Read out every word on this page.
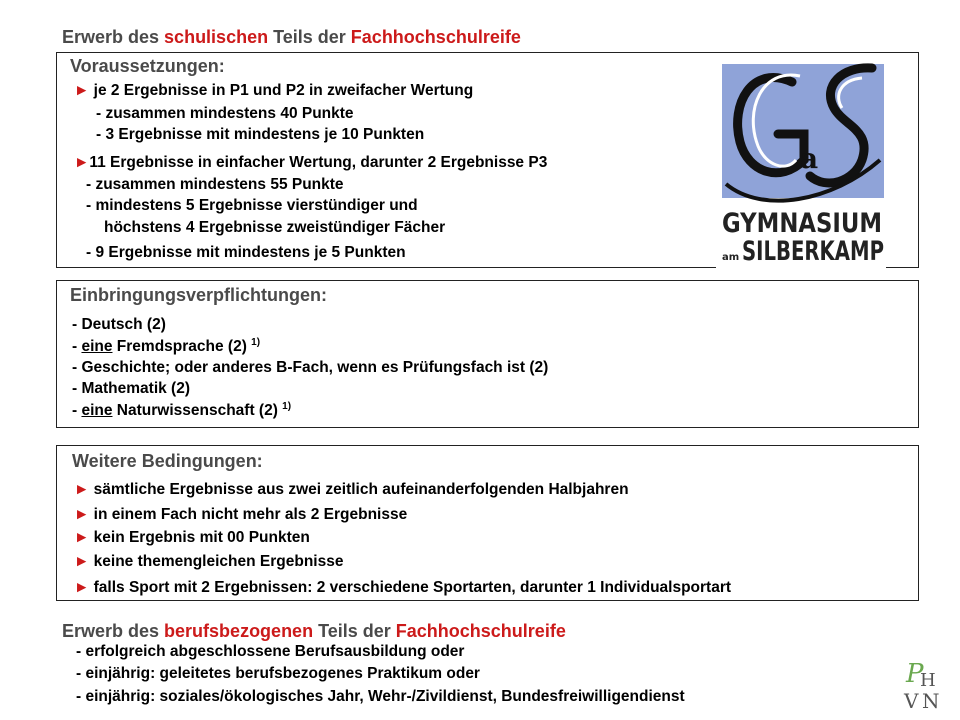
Erwerb des schulischen Teils der Fachhochschulreife
Voraussetzungen:
► je 2 Ergebnisse in P1 und P2 in zweifacher Wertung
- zusammen mindestens 40 Punkte
- 3 Ergebnisse mit mindestens je 10 Punkten
►11 Ergebnisse in einfacher Wertung, darunter 2 Ergebnisse P3
- zusammen mindestens 55 Punkte
- mindestens 5 Ergebnisse vierstündiger und
höchstens 4 Ergebnisse zweistündiger Fächer
- 9 Ergebnisse mit mindestens je 5 Punkten
a
GYMNASIUM
am SILBERKAMP
Einbringungsverpflichtungen:
- Deutsch (2)
- eine Fremdsprache (2) $^{1)}$
- Geschichte; oder anderes B-Fach, wenn es Prüfungsfach ist (2)
- Mathematik (2)
- eine Naturwissenschaft (2) $^{1)}$
Weitere Bedingungen:
► sämtliche Ergebnisse aus zwei zeitlich aufeinanderfolgenden Halbjahren
► in einem Fach nicht mehr als 2 Ergebnisse
► kein Ergebnis mit 00 Punkten
► keine themengleichen Ergebnisse
► falls Sport mit 2 Ergebnissen: 2 verschiedene Sportarten, darunter 1 Individualsportart
Erwerb des berufsbezogenen Teils der Fachhochschulreife
- erfolgreich abgeschlossene Berufsausbildung oder
- einjährig: geleitetes berufsbezogenes Praktikum oder
- einjährig: soziales/ökologisches Jahr, Wehr-/Zivildienst, Bundesfreiwilligendienst
P
H
V N
